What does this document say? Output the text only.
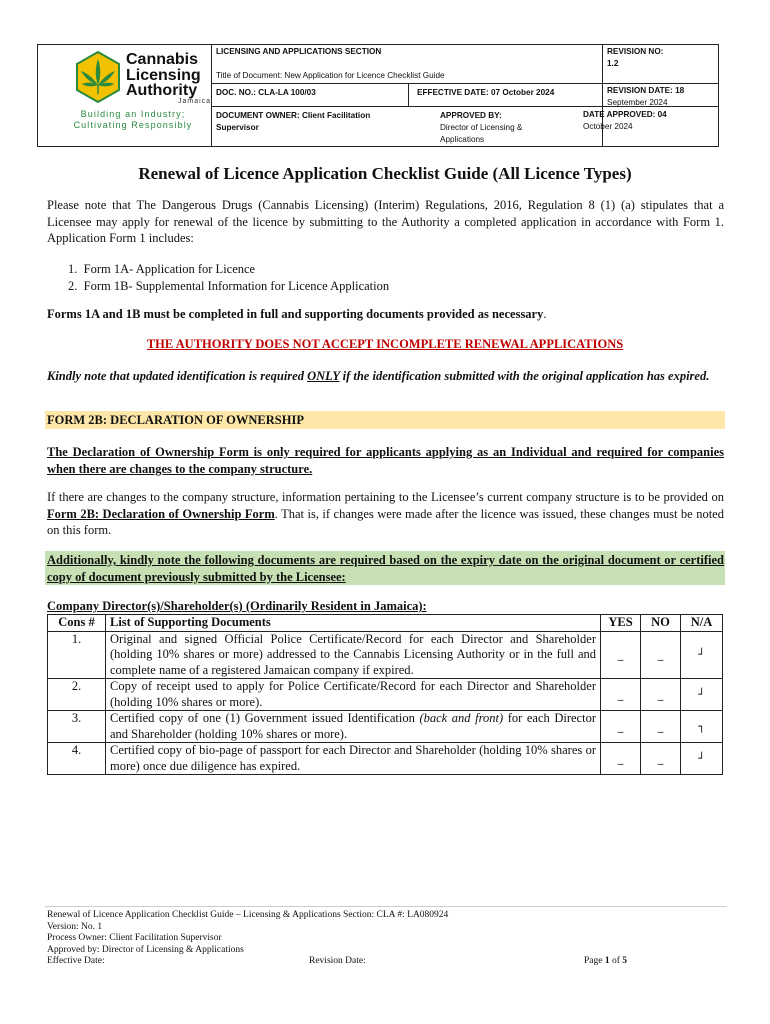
Cannabis
Licensing
Authority
Jamaica
Building an Industry;
Cultivating Responsibly
LICENSING AND APPLICATIONS SECTION	REVISION NO:
1.2
Title of Document: New Application for Licence Checklist Guide
DOC. NO.: CLA-LA 100/03	EFFECTIVE DATE: 07 October 2024	REVISION DATE: 18
September 2024
DOCUMENT OWNER: Client Facilitation
Supervisor
APPROVED BY:
Director of Licensing &
Applications
DATE APPROVED: 04
October 2024
Renewal of Licence Application Checklist Guide (All Licence Types)
Please note that The Dangerous Drugs (Cannabis Licensing) (Interim) Regulations, 2016, Regulation 8 (1) (a) stipulates that a Licensee may apply for renewal of the licence by submitting to the Authority a completed application in accordance with Form 1. Application Form 1 includes:
1.  Form 1A- Application for Licence
2.  Form 1B- Supplemental Information for Licence Application
Forms 1A and 1B must be completed in full and supporting documents provided as necessary.
THE AUTHORITY DOES NOT ACCEPT INCOMPLETE RENEWAL APPLICATIONS
Kindly note that updated identification is required ONLY if the identification submitted with the original application has expired.
FORM 2B: DECLARATION OF OWNERSHIP
The Declaration of Ownership Form is only required for applicants applying as an Individual and required for companies when there are changes to the company structure.
If there are changes to the company structure, information pertaining to the Licensee’s current company structure is to be provided on Form 2B: Declaration of Ownership Form. That is, if changes were made after the licence was issued, these changes must be noted on this form.
Additionally, kindly note the following documents are required based on the expiry date on the original document or certified copy of document previously submitted by the Licensee:
Company Director(s)/Shareholder(s) (Ordinarily Resident in Jamaica):
Cons #	List of Supporting Documents	YES	NO	N/A
1.	Original and signed Official Police Certificate/Record for each Director and Shareholder (holding 10% shares or more) addressed to the Cannabis Licensing Authority or in the full and complete name of a registered Jamaican company if expired.	_	_	┘
2.	Copy of receipt used to apply for Police Certificate/Record for each Director and Shareholder (holding 10% shares or more).	_	_	┘
3.	Certified copy of one (1) Government issued Identification (back and front) for each Director and Shareholder (holding 10% shares or more).	_	_	┐
4.	Certified copy of bio-page of passport for each Director and Shareholder (holding 10% shares or more) once due diligence has expired.	_	_	┘
Renewal of Licence Application Checklist Guide – Licensing & Applications Section: CLA #: LA080924
Version: No. 1
Process Owner: Client Facilitation Supervisor
Approved by: Director of Licensing & Applications
Effective Date:	Revision Date:	Page 1 of 5
